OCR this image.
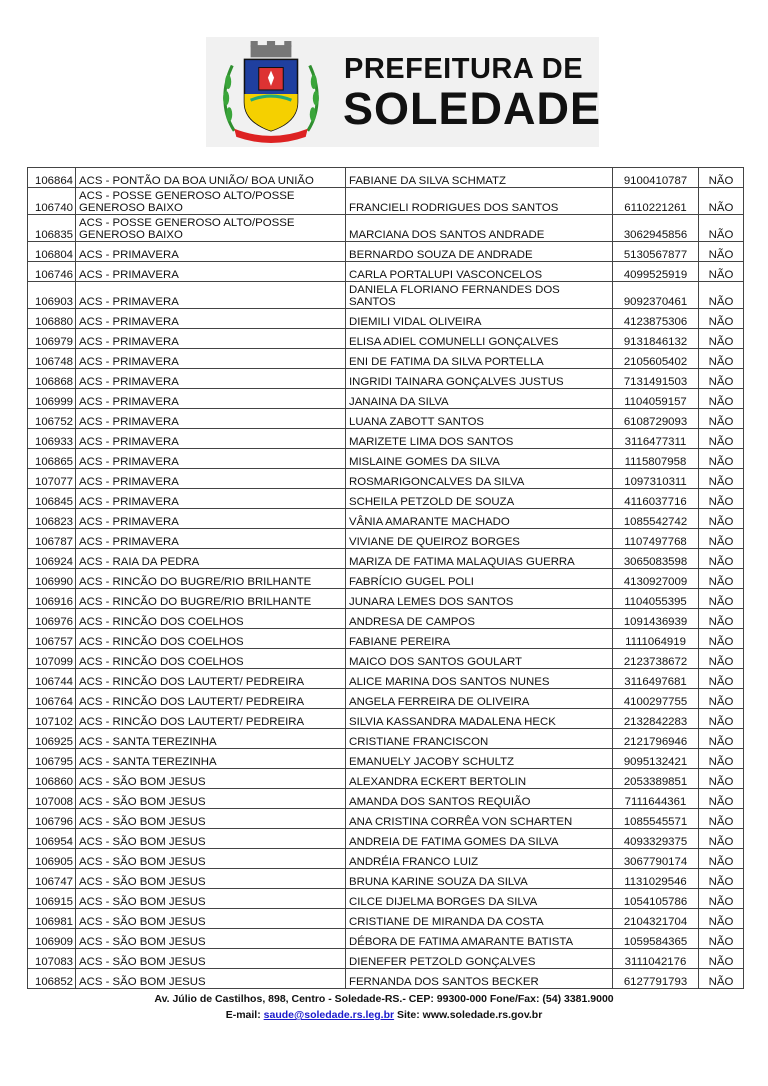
PREFEITURA DE
SOLEDADE
106864	ACS - PONTÃO DA BOA UNIÃO/ BOA UNIÃO	FABIANE DA SILVA SCHMATZ	9100410787	NÃO
106740	ACS - POSSE GENEROSO ALTO/POSSE GENEROSO BAIXO	FRANCIELI RODRIGUES DOS SANTOS	6110221261	NÃO
106835	ACS - POSSE GENEROSO ALTO/POSSE GENEROSO BAIXO	MARCIANA DOS SANTOS ANDRADE	3062945856	NÃO
106804	ACS - PRIMAVERA	BERNARDO SOUZA DE ANDRADE	5130567877	NÃO
106746	ACS - PRIMAVERA	CARLA PORTALUPI VASCONCELOS	4099525919	NÃO
106903	ACS - PRIMAVERA	DANIELA FLORIANO FERNANDES DOS SANTOS	9092370461	NÃO
106880	ACS - PRIMAVERA	DIEMILI VIDAL OLIVEIRA	4123875306	NÃO
106979	ACS - PRIMAVERA	ELISA ADIEL COMUNELLI GONÇALVES	9131846132	NÃO
106748	ACS - PRIMAVERA	ENI DE FATIMA DA SILVA PORTELLA	2105605402	NÃO
106868	ACS - PRIMAVERA	INGRIDI TAINARA GONÇALVES JUSTUS	7131491503	NÃO
106999	ACS - PRIMAVERA	JANAINA DA SILVA	1104059157	NÃO
106752	ACS - PRIMAVERA	LUANA ZABOTT SANTOS	6108729093	NÃO
106933	ACS - PRIMAVERA	MARIZETE LIMA DOS SANTOS	3116477311	NÃO
106865	ACS - PRIMAVERA	MISLAINE GOMES DA SILVA	1115807958	NÃO
107077	ACS - PRIMAVERA	ROSMARIGONCALVES DA SILVA	1097310311	NÃO
106845	ACS - PRIMAVERA	SCHEILA PETZOLD DE SOUZA	4116037716	NÃO
106823	ACS - PRIMAVERA	VÂNIA AMARANTE MACHADO	1085542742	NÃO
106787	ACS - PRIMAVERA	VIVIANE DE QUEIROZ BORGES	1107497768	NÃO
106924	ACS - RAIA DA PEDRA	MARIZA DE FATIMA MALAQUIAS GUERRA	3065083598	NÃO
106990	ACS - RINCÃO DO BUGRE/RIO BRILHANTE	FABRÍCIO GUGEL POLI	4130927009	NÃO
106916	ACS - RINCÃO DO BUGRE/RIO BRILHANTE	JUNARA LEMES DOS SANTOS	1104055395	NÃO
106976	ACS - RINCÃO DOS COELHOS	ANDRESA DE CAMPOS	1091436939	NÃO
106757	ACS - RINCÃO DOS COELHOS	FABIANE PEREIRA	1111064919	NÃO
107099	ACS - RINCÃO DOS COELHOS	MAICO DOS SANTOS GOULART	2123738672	NÃO
106744	ACS - RINCÃO DOS LAUTERT/ PEDREIRA	ALICE MARINA DOS SANTOS NUNES	3116497681	NÃO
106764	ACS - RINCÃO DOS LAUTERT/ PEDREIRA	ANGELA FERREIRA DE OLIVEIRA	4100297755	NÃO
107102	ACS - RINCÃO DOS LAUTERT/ PEDREIRA	SILVIA KASSANDRA MADALENA HECK	2132842283	NÃO
106925	ACS - SANTA TEREZINHA	CRISTIANE FRANCISCON	2121796946	NÃO
106795	ACS - SANTA TEREZINHA	EMANUELY JACOBY SCHULTZ	9095132421	NÃO
106860	ACS - SÃO BOM JESUS	ALEXANDRA ECKERT BERTOLIN	2053389851	NÃO
107008	ACS - SÃO BOM JESUS	AMANDA DOS SANTOS REQUIÃO	7111644361	NÃO
106796	ACS - SÃO BOM JESUS	ANA CRISTINA CORRÊA VON SCHARTEN	1085545571	NÃO
106954	ACS - SÃO BOM JESUS	ANDREIA DE FATIMA GOMES DA SILVA	4093329375	NÃO
106905	ACS - SÃO BOM JESUS	ANDRÉIA FRANCO LUIZ	3067790174	NÃO
106747	ACS - SÃO BOM JESUS	BRUNA KARINE SOUZA DA SILVA	1131029546	NÃO
106915	ACS - SÃO BOM JESUS	CILCE DIJELMA BORGES DA SILVA	1054105786	NÃO
106981	ACS - SÃO BOM JESUS	CRISTIANE DE MIRANDA DA COSTA	2104321704	NÃO
106909	ACS - SÃO BOM JESUS	DÉBORA DE FATIMA AMARANTE BATISTA	1059584365	NÃO
107083	ACS - SÃO BOM JESUS	DIENEFER PETZOLD GONÇALVES	3111042176	NÃO
106852	ACS - SÃO BOM JESUS	FERNANDA DOS SANTOS BECKER	6127791793	NÃO
Av. Júlio de Castilhos, 898, Centro - Soledade-RS.- CEP: 99300-000 Fone/Fax: (54) 3381.9000
E-mail: saude@soledade.rs.leg.br Site: www.soledade.rs.gov.br
